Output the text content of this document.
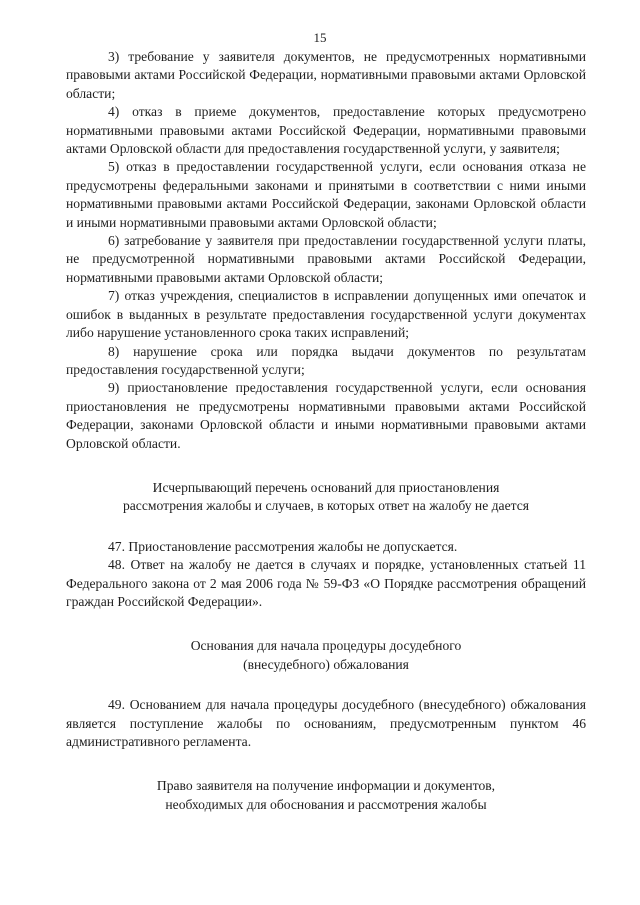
15

3) требование у заявителя документов, не предусмотренных нормативными правовыми актами Российской Федерации, нормативными правовыми актами Орловской области;

4) отказ в приеме документов, предоставление которых предусмотрено нормативными правовыми актами Российской Федерации, нормативными правовыми актами Орловской области для предоставления государственной услуги, у заявителя;

5) отказ в предоставлении государственной услуги, если основания отказа не предусмотрены федеральными законами и принятыми в соответствии с ними иными нормативными правовыми актами Российской Федерации, законами Орловской области и иными нормативными правовыми актами Орловской области;

6) затребование у заявителя при предоставлении государственной услуги платы, не предусмотренной нормативными правовыми актами Российской Федерации, нормативными правовыми актами Орловской области;

7) отказ учреждения, специалистов в исправлении допущенных ими опечаток и ошибок в выданных в результате предоставления государственной услуги документах либо нарушение установленного срока таких исправлений;

8) нарушение срока или порядка выдачи документов по результатам предоставления государственной услуги;

9) приостановление предоставления государственной услуги, если основания приостановления не предусмотрены нормативными правовыми актами Российской Федерации, законами Орловской области и иными нормативными правовыми актами Орловской области.

Исчерпывающий перечень оснований для приостановления
рассмотрения жалобы и случаев, в которых ответ на жалобу не дается

47. Приостановление рассмотрения жалобы не допускается.

48. Ответ на жалобу не дается в случаях и порядке, установленных статьей 11 Федерального закона от 2 мая 2006 года № 59-ФЗ «О Порядке рассмотрения обращений граждан Российской Федерации».

Основания для начала процедуры досудебного
(внесудебного) обжалования

49. Основанием для начала процедуры досудебного (внесудебного) обжалования является поступление жалобы по основаниям, предусмотренным пунктом 46 административного регламента.

Право заявителя на получение информации и документов,
необходимых для обоснования и рассмотрения жалобы
